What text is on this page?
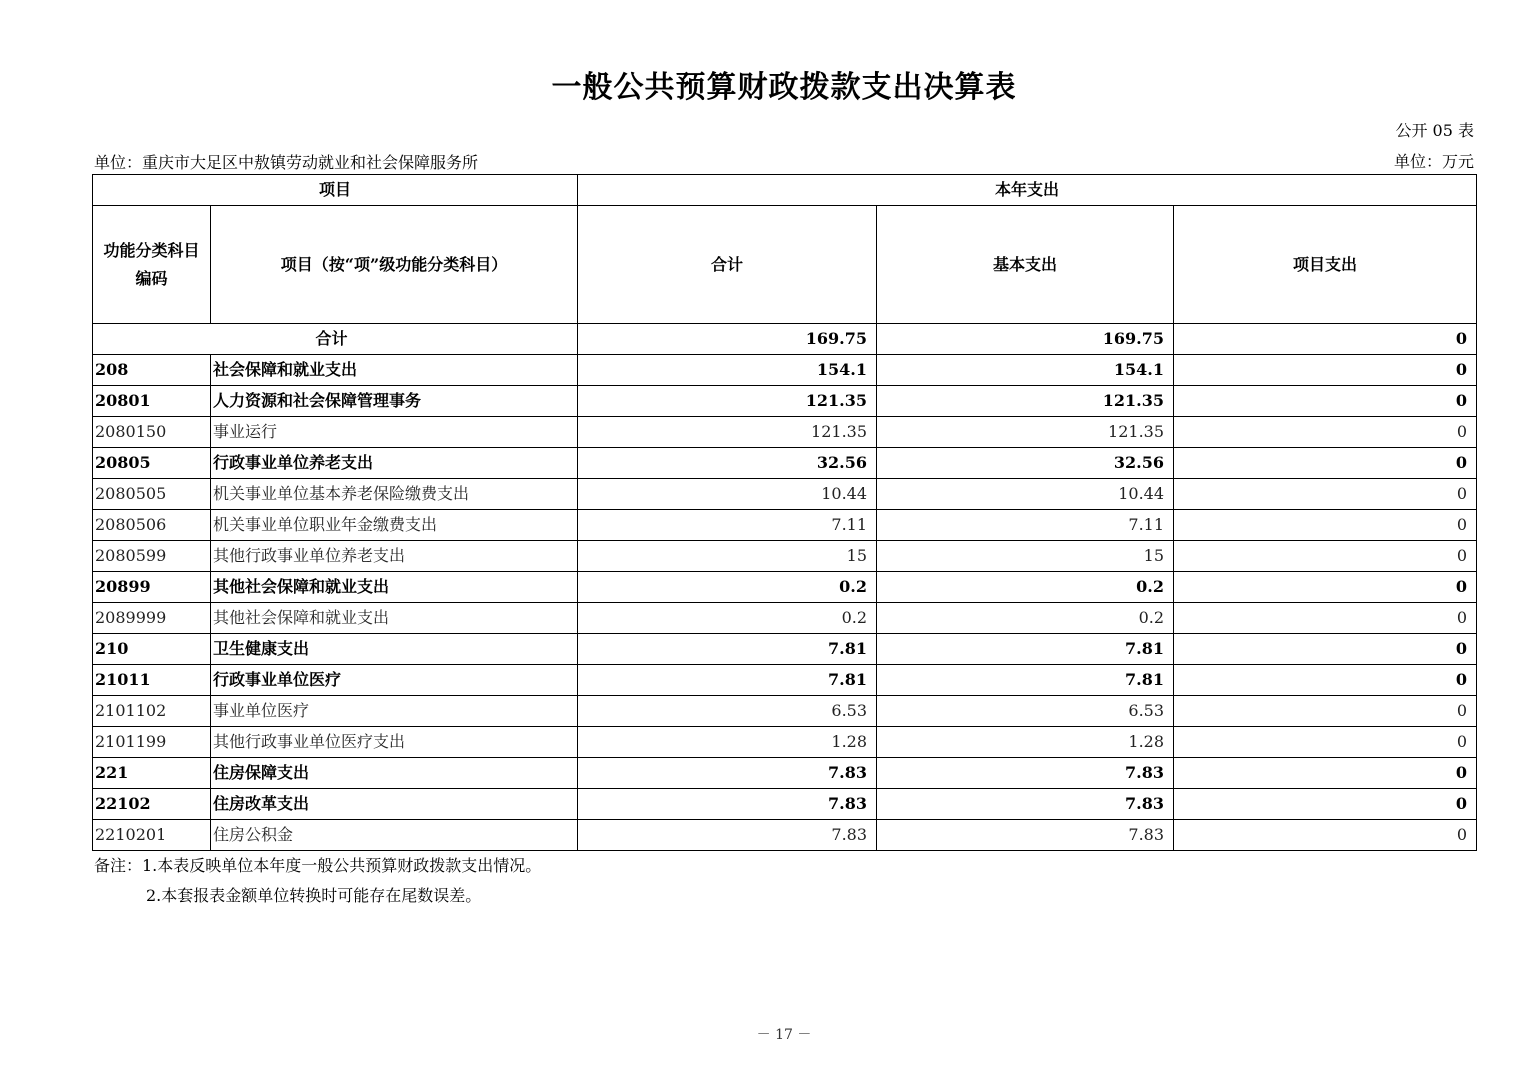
一般公共预算财政拨款支出决算表
公开 05 表
单位：重庆市大足区中敖镇劳动就业和社会保障服务所	单位：万元
项目		本年支出		
功能分类科目编码	项目（按“项”级功能分类科目）	合计	基本支出	项目支出
合计		169.75	169.75	0
208	社会保障和就业支出	154.1	154.1	0
20801	人力资源和社会保障管理事务	121.35	121.35	0
2080150	事业运行	121.35	121.35	0
20805	行政事业单位养老支出	32.56	32.56	0
2080505	机关事业单位基本养老保险缴费支出	10.44	10.44	0
2080506	机关事业单位职业年金缴费支出	7.11	7.11	0
2080599	其他行政事业单位养老支出	15	15	0
20899	其他社会保障和就业支出	0.2	0.2	0
2089999	其他社会保障和就业支出	0.2	0.2	0
210	卫生健康支出	7.81	7.81	0
21011	行政事业单位医疗	7.81	7.81	0
2101102	事业单位医疗	6.53	6.53	0
2101199	其他行政事业单位医疗支出	1.28	1.28	0
221	住房保障支出	7.83	7.83	0
22102	住房改革支出	7.83	7.83	0
2210201	住房公积金	7.83	7.83	0
备注：1.本表反映单位本年度一般公共预算财政拨款支出情况。
2.本套报表金额单位转换时可能存在尾数误差。
－ 17 －
